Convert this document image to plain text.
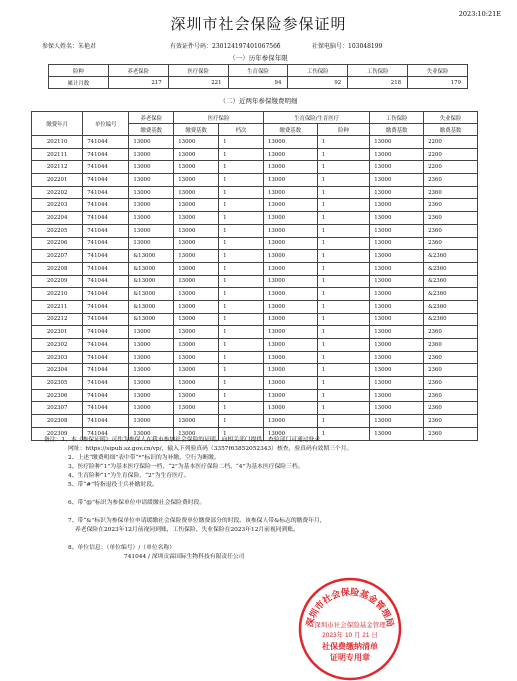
2023:10:21E
深圳市社会保险参保证明
参保人姓名：朱艳君	有效证件号码：23012419740106756б	社保电脑号：103048199
（一）历年参保年限
险种	养老保险	医疗保险	生育保险	工伤保险	工伤保险	失业保险
累计月数	217	221	94	92	218	179
（二）近两年参保缴费明细
缴费年月	单位编号	养老保险	医疗保险		生育保险/生育医疗		工伤保险	失业保险
		缴费基数	缴费基数	档次	缴费基数	险种	缴费基数	缴费基数
202110	741044	13000	13000	1	13000	1	13000	2200
202111	741044	13000	13000	1	13000	1	13000	2200
202112	741044	13000	13000	1	13000	1	13000	2200
202201	741044	13000	13000	1	13000	1	13000	2360
202202	741044	13000	13000	1	13000	1	13000	2360
202203	741044	13000	13000	1	13000	1	13000	2360
202204	741044	13000	13000	1	13000	1	13000	2360
202205	741044	13000	13000	1	13000	1	13000	2360
202206	741044	13000	13000	1	13000	1	13000	2360
202207	741044	&13000	13000	1	13000	1	13000	&2360
202208	741044	&13000	13000	1	13000	1	13000	&2360
202209	741044	&13000	13000	1	13000	1	13000	&2360
202210	741044	&13000	13000	1	13000	1	13000	&2360
202211	741044	&13000	13000	1	13000	1	13000	&2360
202212	741044	&13000	13000	1	13000	1	13000	&2360
202301	741044	13000	13000	1	13000	1	13000	2360
202302	741044	13000	13000	1	13000	1	13000	2360
202303	741044	13000	13000	1	13000	1	13000	2360
202304	741044	13000	13000	1	13000	1	13000	2360
202305	741044	13000	13000	1	13000	1	13000	2360
202306	741044	13000	13000	1	13000	1	13000	2360
202307	741044	13000	13000	1	13000	1	13000	2360
202308	741044	13000	13000	1	13000	1	13000	2360
202309	741044	13000	13000	1	13000	1	13000	2360
备注：1、本《参保证明》可作为参保人在我市参加社会保险的证明。向相关部门提供，查验部门可通过登录
网址：https://sipub.sz.gov.cn/vp/，输入下列验真码（3357f63852052343）核查，验真码有效期三个月。
2、上述“缴费明细”表中带“*”标识的为补缴，空行为断缴。
3、医疗险种“1”为基本医疗保险一档、“2”为基本医疗保险二档、“4”为基本医疗保险三档。
4、生育险种“1”为生育保险，“2”为生育医疗。
5、带“#”特指退役士兵补缴时段。
6、带“@”标识为参保单位申请缓缴社会保险费时段。
7、带“&”标识为参保单位申请缓缴社会保险费单位缴费部分的时段。该参保人带&标志的缴费年月，
养老保险在2023年12月前视同到账，工伤保险、失业保险在2023年12月前视同到账。
8、单位信息：（单位编号）/（单位名称）
741044 / 深圳贡霖国际生物科技有限责任公司
深圳市社会保险基金管理局
深圳市社会保险基金管理
2023年 10 月 21 日
社保费缴纳清单
证明专用章
